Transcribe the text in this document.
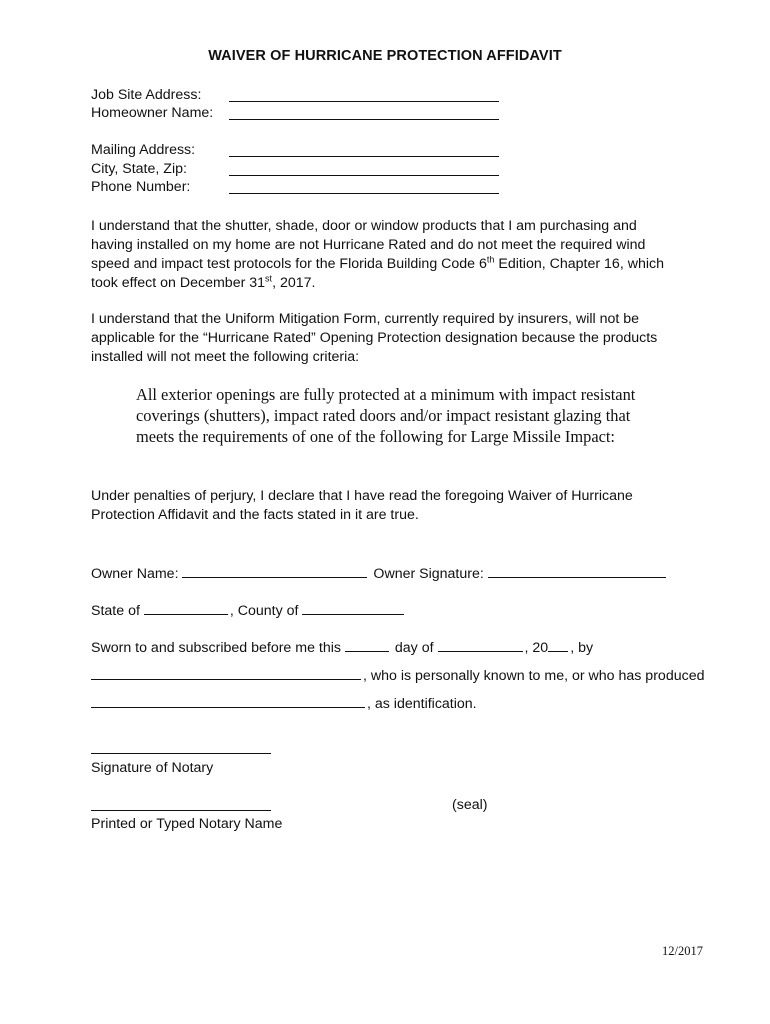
WAIVER OF HURRICANE PROTECTION AFFIDAVIT
Job Site Address:
Homeowner Name:
Mailing Address:
City, State, Zip:
Phone Number:

I understand that the shutter, shade, door or window products that I am purchasing and

having installed on my home are not Hurricane Rated and do not meet the required wind

speed and impact test protocols for the Florida Building Code 6th Edition, Chapter 16, which

took effect on December 31st, 2017.

I understand that the Uniform Mitigation Form, currently required by insurers, will not be

applicable for the “Hurricane Rated” Opening Protection designation because the products

installed will not meet the following criteria:

All exterior openings are fully protected at a minimum with impact resistant

coverings (shutters), impact rated doors and/or impact resistant glazing that

meets the requirements of one of the following for Large Missile Impact:

Under penalties of perjury, I declare that I have read the foregoing Waiver of Hurricane

Protection Affidavit and the facts stated in it are true.

Owner Name:	Owner Signature:
State of	, County of
Sworn to and subscribed before me this	day of	, 20 , by
, who is personally known to me, or who has produced
, as identification.
Signature of Notary
(seal)
Printed or Typed Notary Name
12/2017
